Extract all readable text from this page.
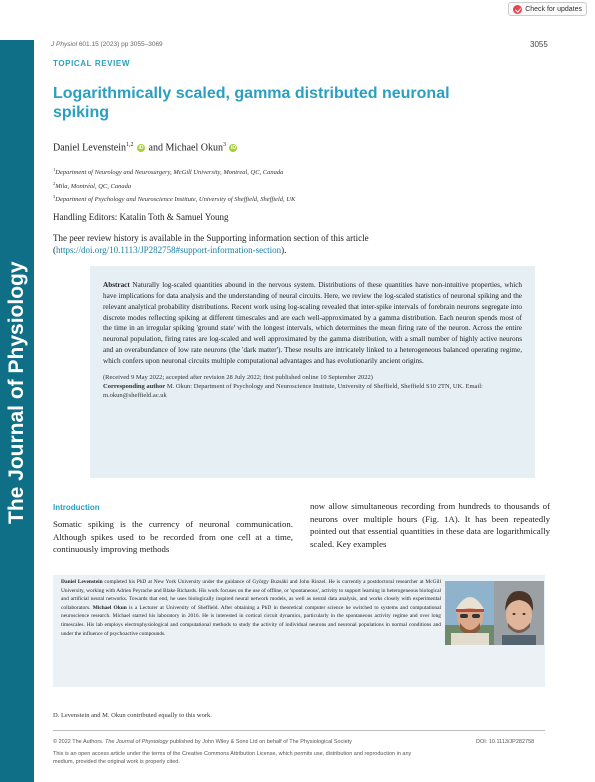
The Journal of Physiology
Check for updates
J Physiol 601.15 (2023) pp 3055–3069	3055
TOPICAL REVIEW
Logarithmically scaled, gamma distributed neuronal spiking
Daniel Levenstein$^{1,2}$ iD and Michael Okun$^3$ iD
$^1$Department of Neurology and Neurosurgery, McGill University, Montreal, QC, Canada
$^2$Mila, Montréal, QC, Canada
$^3$Department of Psychology and Neuroscience Institute, University of Sheffield, Sheffield, UK
Handling Editors: Katalin Toth & Samuel Young
The peer review history is available in the Supporting information section of this article (https://doi.org/10.1113/JP282758#support-information-section).
Abstract Naturally log-scaled quantities abound in the nervous system. Distributions of these quantities have non-intuitive properties, which have implications for data analysis and the understanding of neural circuits. Here, we review the log-scaled statistics of neuronal spiking and the relevant analytical probability distributions. Recent work using log-scaling revealed that inter-spike intervals of forebrain neurons segregate into discrete modes reflecting spiking at different timescales and are each well-approximated by a gamma distribution. Each neuron spends most of the time in an irregular spiking 'ground state' with the longest intervals, which determines the mean firing rate of the neuron. Across the entire neuronal population, firing rates are log-scaled and well approximated by the gamma distribution, with a small number of highly active neurons and an overabundance of low rate neurons (the 'dark matter'). These results are intricately linked to a heterogeneous balanced operating regime, which confers upon neuronal circuits multiple computational advantages and has evolutionarily ancient origins.
(Received 9 May 2022; accepted after revision 28 July 2022; first published online 10 September 2022)
Corresponding author M. Okun: Department of Psychology and Neuroscience Institute, University of Sheffield, Sheffield S10 2TN, UK. Email: m.okun@sheffield.ac.uk
Introduction
Somatic spiking is the currency of neuronal communication. Although spikes used to be recorded from one cell at a time, continuously improving methods
now allow simultaneous recording from hundreds to thousands of neurons over multiple hours (Fig. 1A). It has been repeatedly pointed out that essential quantities in these data are logarithmically scaled. Key examples
Daniel Levenstein completed his PhD at New York University under the guidance of György Buzsáki and John Rinzel. He is currently a postdoctoral researcher at McGill University, working with Adrien Peyrache and Blake Richards. His work focuses on the use of offline, or 'spontaneous', activity to support learning in heterogeneous biological and artificial neural networks. Towards that end, he uses biologically inspired neural network models, as well as neural data analysis, and works closely with experimental collaborators. Michael Okun is a Lecturer at University of Sheffield. After obtaining a PhD in theoretical computer science he switched to systems and computational neuroscience research. Michael started his laboratory in 2016. He is interested in cortical circuit dynamics, particularly in the spontaneous activity regime and over long timescales. His lab employs electrophysiological and computational methods to study the activity of individual neurons and neuronal populations in normal conditions and under the influence of psychoactive compounds.
D. Levenstein and M. Okun contributed equally to this work.
© 2022 The Authors. The Journal of Physiology published by John Wiley & Sons Ltd on behalf of The Physiological Society	DOI: 10.1113/JP282758
This is an open access article under the terms of the Creative Commons Attribution License, which permits use, distribution and reproduction in any medium, provided the original work is properly cited.
